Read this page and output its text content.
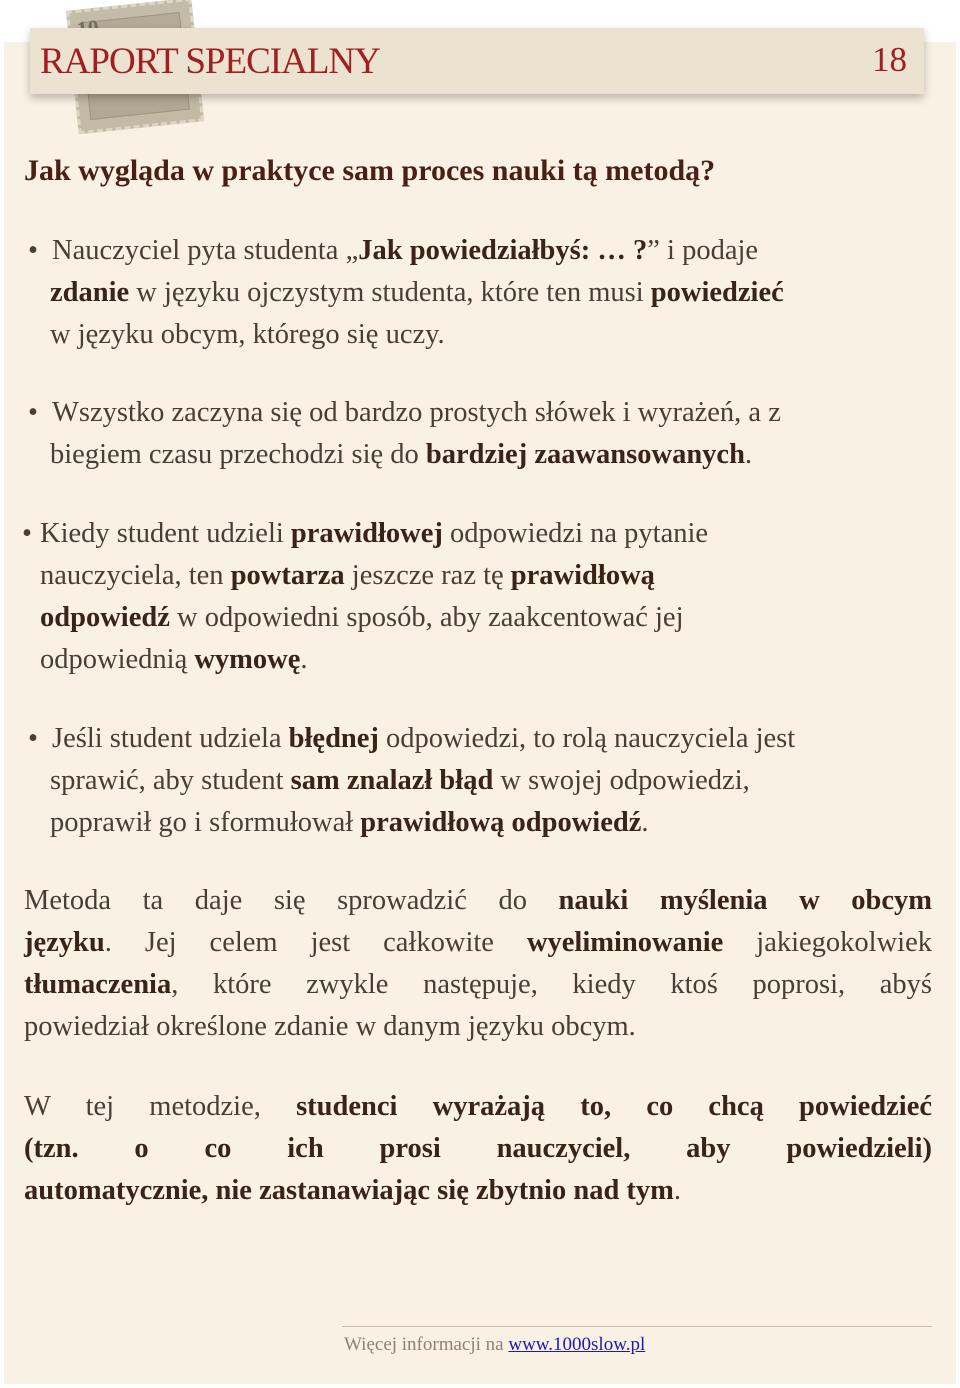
RAPORT SPECIALNY	18
Jak wygląda w praktyce sam proces nauki tą metodą?
• Nauczyciel pyta studenta „Jak powiedziałbyś: … ?” i podaje
zdanie w języku ojczystym studenta, które ten musi powiedzieć
w języku obcym, którego się uczy.
• Wszystko zaczyna się od bardzo prostych słówek i wyrażeń, a z
biegiem czasu przechodzi się do bardziej zaawansowanych.
• Kiedy student udzieli prawidłowej odpowiedzi na pytanie
nauczyciela, ten powtarza jeszcze raz tę prawidłową
odpowiedź w odpowiedni sposób, aby zaakcentować jej
odpowiednią wymowę.
• Jeśli student udziela błędnej odpowiedzi, to rolą nauczyciela jest
sprawić, aby student sam znalazł błąd w swojej odpowiedzi,
poprawił go i sformułował prawidłową odpowiedź.
Metoda ta daje się sprowadzić do nauki myślenia w obcym
języku. Jej celem jest całkowite wyeliminowanie jakiegokolwiek
tłumaczenia, które zwykle następuje, kiedy ktoś poprosi, abyś
powiedział określone zdanie w danym języku obcym.
W tej metodzie, studenci wyrażają to, co chcą powiedzieć
(tzn. o co ich prosi nauczyciel, aby powiedzieli)
automatycznie, nie zastanawiając się zbytnio nad tym.
Więcej informacji na www.1000slow.pl
